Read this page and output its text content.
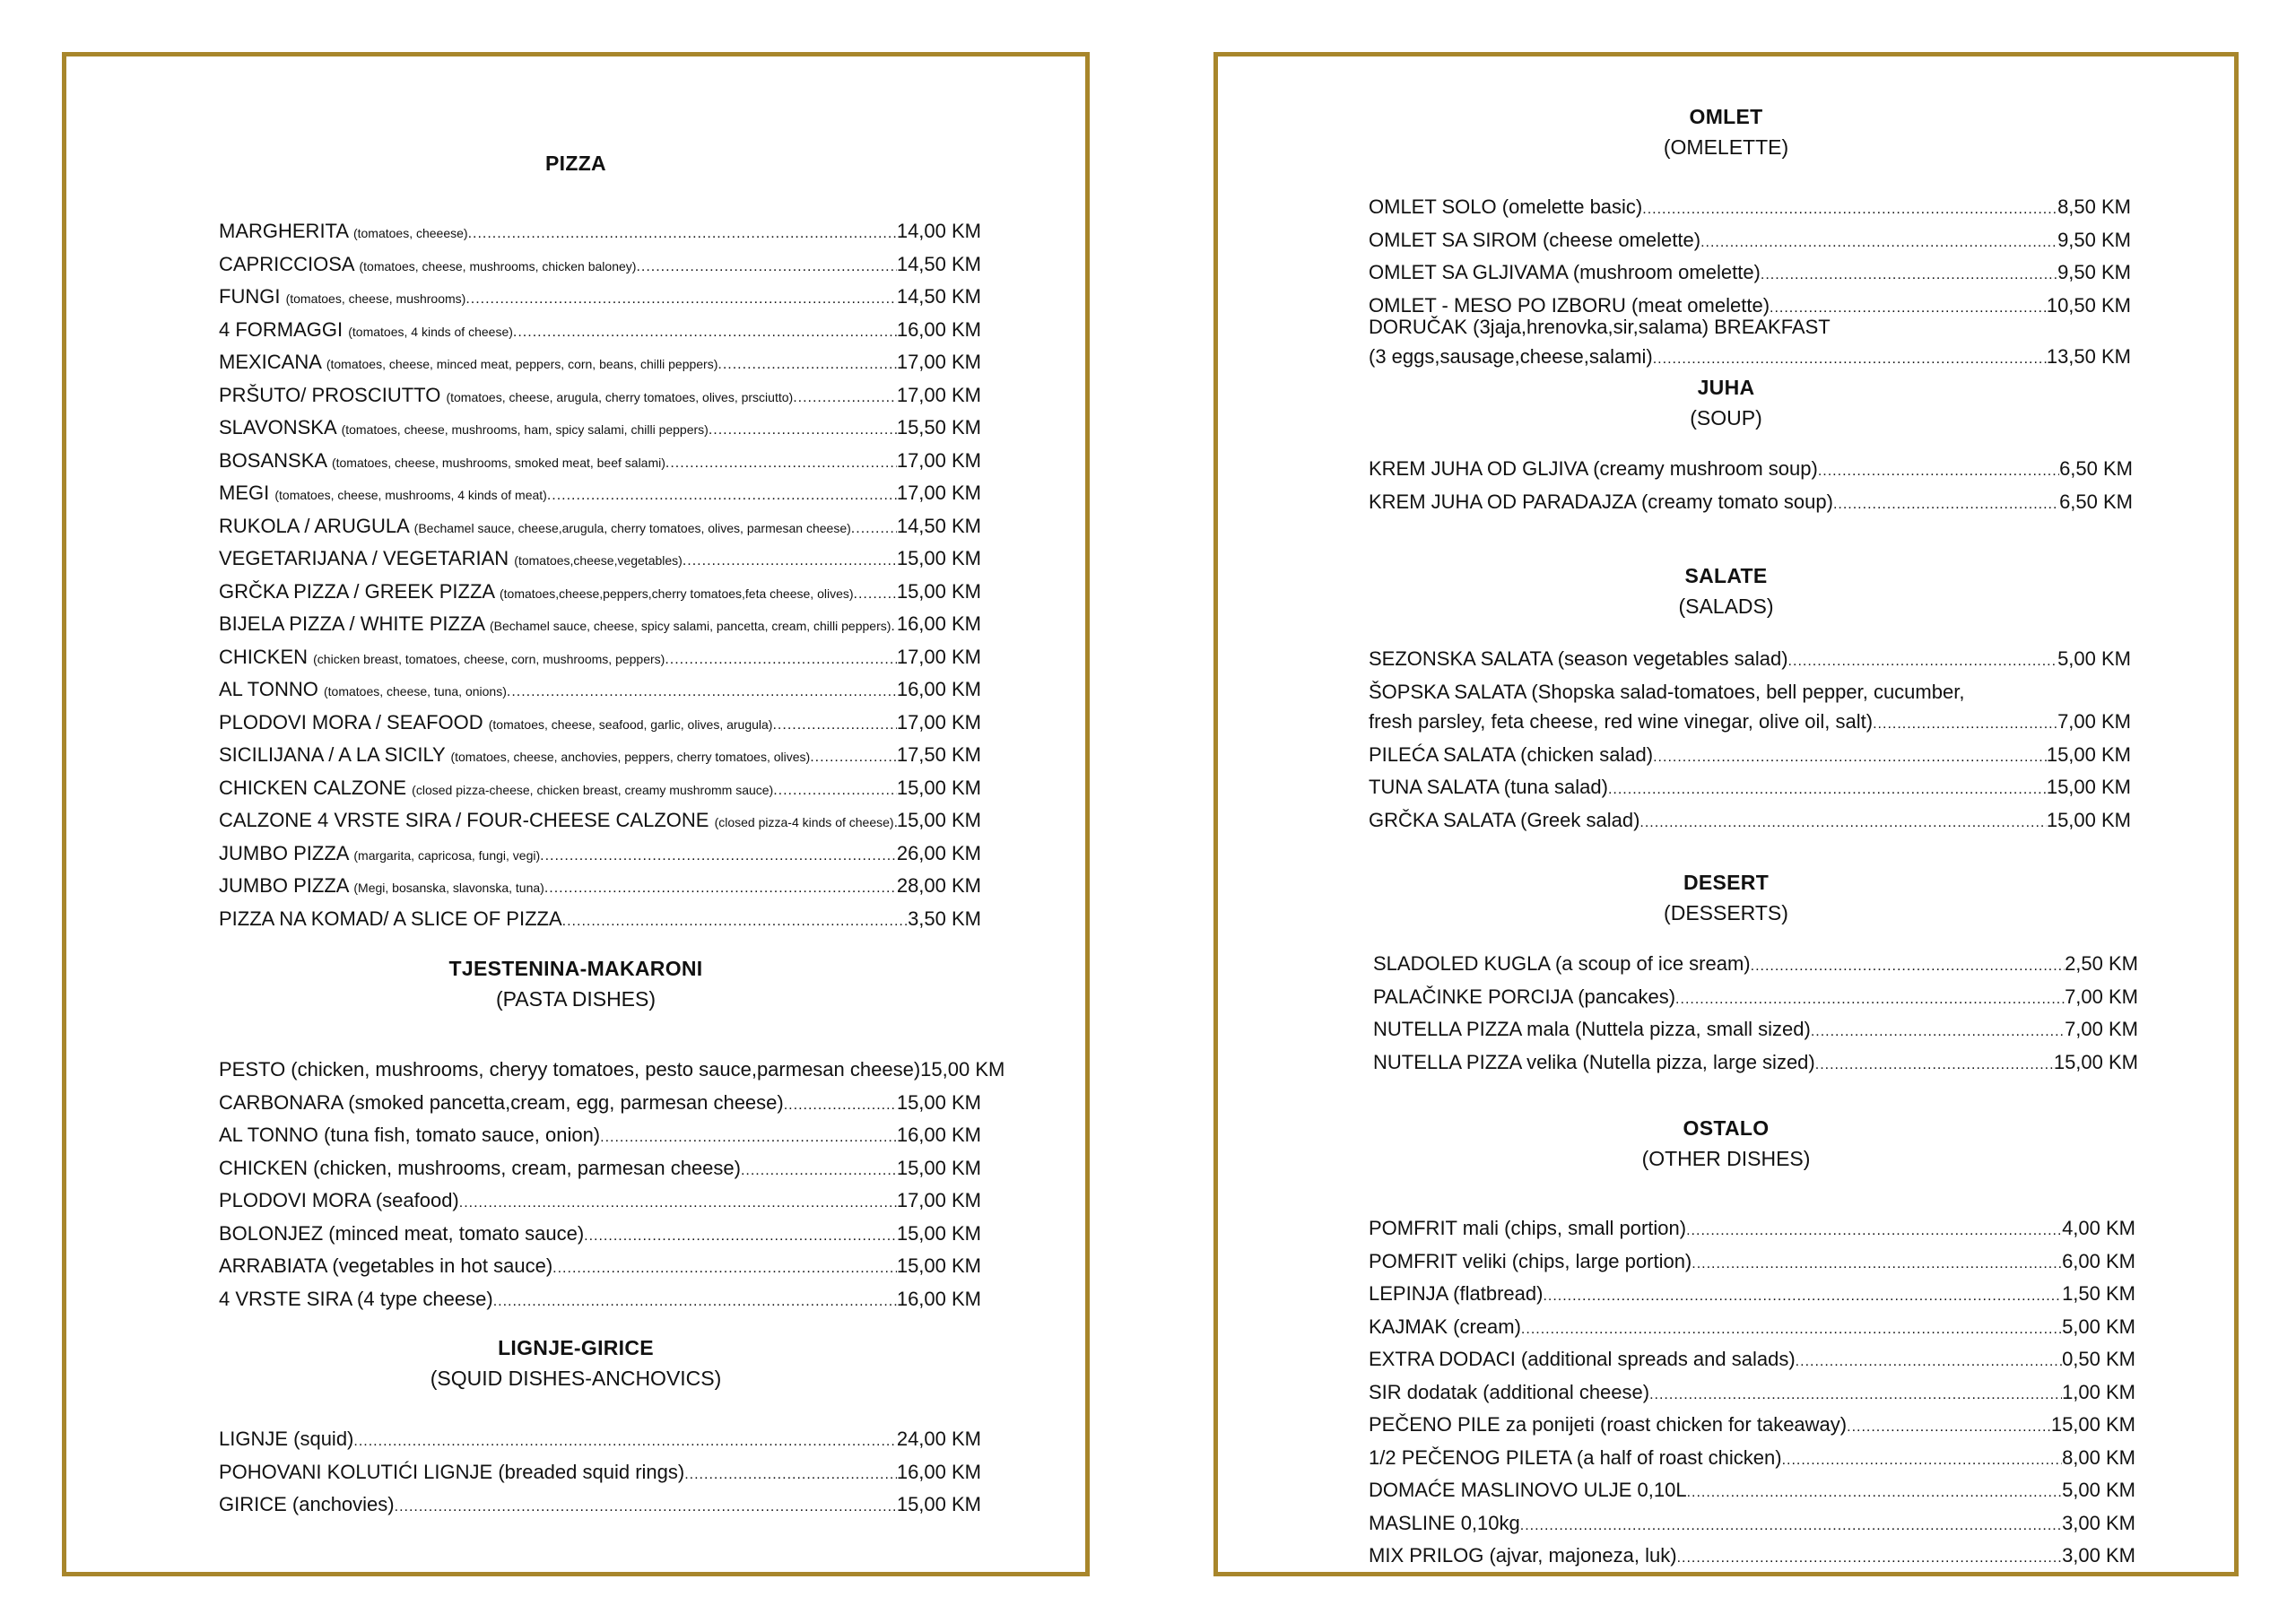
PIZZA
MARGHERITA (tomatoes, cheeese) .....	14,00 KM
CAPRICCIOSA (tomatoes, cheese, mushrooms, chicken baloney) .....	14,50 KM
FUNGI (tomatoes, cheese, mushrooms) .....	14,50 KM
4 FORMAGGI (tomatoes, 4 kinds of cheese) .....	16,00 KM
MEXICANA (tomatoes, cheese, minced meat, peppers, corn, beans, chilli peppers) .....	17,00 KM
PRŠUTO/ PROSCIUTTO (tomatoes, cheese, arugula, cherry tomatoes, olives, prsciutto) .....	17,00 KM
SLAVONSKA (tomatoes, cheese, mushrooms, ham, spicy salami, chilli peppers) .....	15,50 KM
BOSANSKA (tomatoes, cheese, mushrooms, smoked meat, beef salami) .....	17,00 KM
MEGI (tomatoes, cheese, mushrooms, 4 kinds of meat) .....	17,00 KM
RUKOLA / ARUGULA (Bechamel sauce, cheese,arugula, cherry tomatoes, olives, parmesan cheese) ..... 14,50 KM
VEGETARIJANA / VEGETARIAN (tomatoes,cheese,vegetables) .....	15,00 KM
GRČKA PIZZA / GREEK PIZZA (tomatoes,cheese,peppers,cherry tomatoes,feta cheese, olives) ..... 15,00 KM
BIJELA PIZZA / WHITE PIZZA (Bechamel sauce, cheese, spicy salami, pancetta, cream, chilli peppers) ..... 16,00 KM
CHICKEN (chicken breast, tomatoes, cheese, corn, mushrooms, peppers) .....	17,00 KM
AL TONNO (tomatoes, cheese, tuna, onions) .....	16,00 KM
PLODOVI MORA / SEAFOOD (tomatoes, cheese, seafood, garlic, olives, arugula) .....	17,00 KM
SICILIJANA / A LA SICILY (tomatoes, cheese, anchovies, peppers, cherry tomatoes, olives) .....	17,50 KM
CHICKEN CALZONE (closed pizza-cheese, chicken breast, creamy mushromm sauce) .....	15,00 KM
CALZONE 4 VRSTE SIRA / FOUR-CHEESE CALZONE (closed pizza-4 kinds of cheese) ..... 15,00 KM
JUMBO PIZZA (margarita, capricosa, fungi, vegi) .....	26,00 KM
JUMBO PIZZA (Megi, bosanska, slavonska, tuna) .....	28,00 KM
PIZZA NA KOMAD/ A SLICE OF PIZZA .....	3,50 KM
TJESTENINA-MAKARONI
(PASTA DISHES)
PESTO (chicken, mushrooms, cheryy tomatoes, pesto sauce,parmesan cheese) 15,00 KM
CARBONARA (smoked pancetta,cream, egg, parmesan cheese) .....	15,00 KM
AL TONNO (tuna fish, tomato sauce, onion) .....	16,00 KM
CHICKEN (chicken, mushrooms, cream, parmesan cheese) .....	15,00 KM
PLODOVI MORA (seafood) .....	17,00 KM
BOLONJEZ (minced meat, tomato sauce) .....	15,00 KM
ARRABIATA (vegetables in hot sauce) .....	15,00 KM
4 VRSTE SIRA (4 type cheese) .....	16,00 KM
LIGNJE-GIRICE
(SQUID DISHES-ANCHOVICS)
LIGNJE (squid) .....	24,00 KM
POHOVANI KOLUTIĆI LIGNJE (breaded squid rings) .....	16,00 KM
GIRICE (anchovies) .....	15,00 KM
OMLET
(OMELETTE)
OMLET SOLO (omelette basic) .....	8,50 KM
OMLET SA SIROM (cheese omelette) .....	9,50 KM
OMLET SA GLJIVAMA (mushroom omelette) .....	9,50 KM
OMLET - MESO PO IZBORU (meat omelette) .....	10,50 KM
DORUČAK (3jaja,hrenovka,sir,salama) BREAKFAST
(3 eggs,sausage,cheese,salami) .....	13,50 KM
JUHA
(SOUP)
KREM JUHA OD GLJIVA (creamy mushroom soup) .....	6,50 KM
KREM JUHA OD PARADAJZA (creamy tomato soup) .....	6,50 KM
SALATE
(SALADS)
SEZONSKA SALATA (season vegetables salad) .....	5,00 KM
ŠOPSKA SALATA (Shopska salad-tomatoes, bell pepper, cucumber,
fresh parsley, feta cheese, red wine vinegar, olive oil, salt) .....	7,00 KM
PILEĆA SALATA (chicken salad) .....	15,00 KM
TUNA SALATA (tuna salad) .....	15,00 KM
GRČKA SALATA (Greek salad) .....	15,00 KM
DESERT
(DESSERTS)
SLADOLED KUGLA (a scoup of ice sream) .....	2,50 KM
PALAČINKE PORCIJA (pancakes) .....	7,00 KM
NUTELLA PIZZA mala (Nuttela pizza, small sized) .....	7,00 KM
NUTELLA PIZZA velika (Nutella pizza, large sized) .....	15,00 KM
OSTALO
(OTHER DISHES)
POMFRIT mali (chips, small portion) .....	4,00 KM
POMFRIT veliki (chips, large portion) .....	6,00 KM
LEPINJA (flatbread) .....	1,50 KM
KAJMAK (cream) .....	5,00 KM
EXTRA DODACI (additional spreads and salads) .....	0,50 KM
SIR dodatak (additional cheese) .....	1,00 KM
PEČENO PILE za ponijeti (roast chicken for takeaway) .....	15,00 KM
1/2 PEČENOG PILETA (a half of roast chicken) .....	8,00 KM
DOMAĆE MASLINOVO ULJE 0,10L .....	5,00 KM
MASLINE 0,10kg .....	3,00 KM
MIX PRILOG (ajvar, majoneza, luk) .....	3,00 KM
